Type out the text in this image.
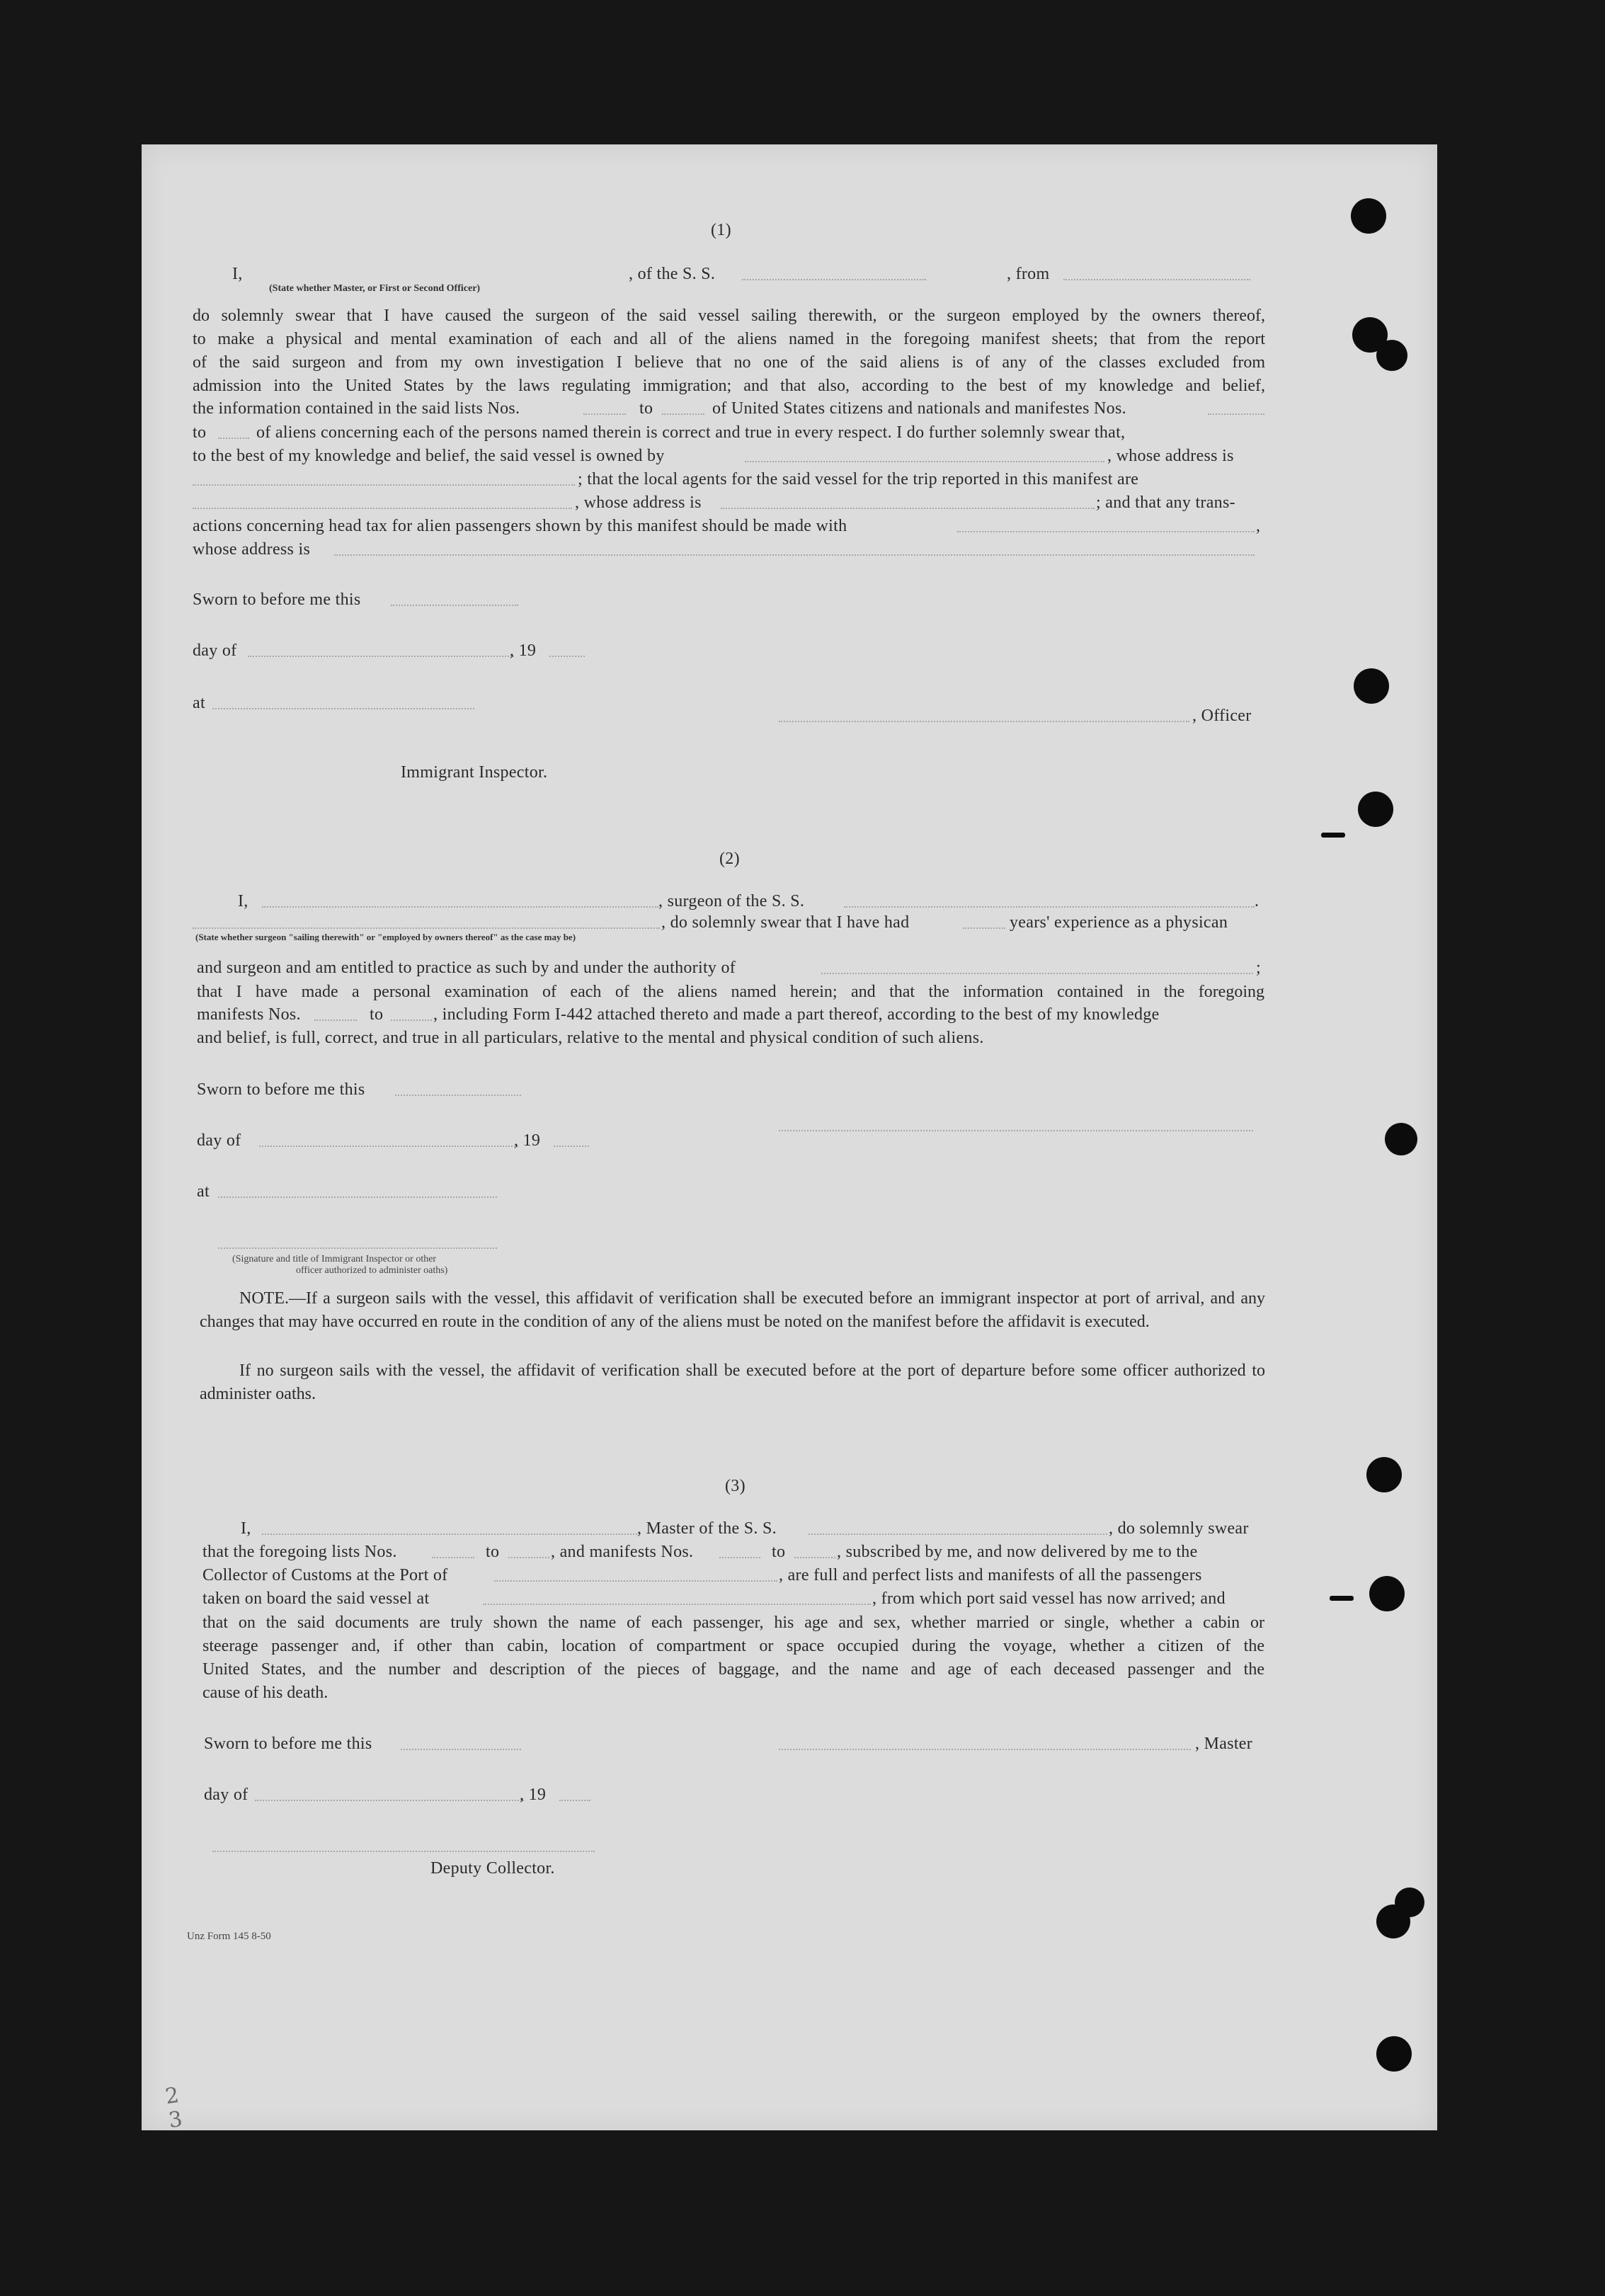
(1)
I,
(State whether Master, or First or Second Officer)
, of the S. S.	, from
do solemnly swear that I have caused the surgeon of the said vessel sailing therewith, or the surgeon employed by the owners thereof,
to make a physical and mental examination of each and all of the aliens named in the foregoing manifest sheets; that from the report
of the said surgeon and from my own investigation I believe that no one of the said aliens is of any of the classes excluded from
admission into the United States by the laws regulating immigration; and that also, according to the best of my knowledge and belief,
the information contained in the said lists Nos.	to	of United States citizens and nationals and manifestes Nos.
to	of aliens concerning each of the persons named therein is correct and true in every respect. I do further solemnly swear that,
to the best of my knowledge and belief, the said vessel is owned by	, whose address is
; that the local agents for the said vessel for the trip reported in this manifest are
, whose address is	; and that any trans-
actions concerning head tax for alien passengers shown by this manifest should be made with	,
whose address is
Sworn to before me this
day of	, 19
at
, Officer
Immigrant Inspector.
(2)
I,	, surgeon of the S. S.	.
, do solemnly swear that I have had	years' experience as a physican
(State whether surgeon "sailing therewith" or "employed by owners thereof" as the case may be)
and surgeon and am entitled to practice as such by and under the authority of	;
that I have made a personal examination of each of the aliens named herein; and that the information contained in the foregoing
manifests Nos.	to	, including Form I-442 attached thereto and made a part thereof, according to the best of my knowledge
and belief, is full, correct, and true in all particulars, relative to the mental and physical condition of such aliens.
Sworn to before me this
day of	, 19
at
(Signature and title of Immigrant Inspector or other
officer authorized to administer oaths)
NOTE.—If a surgeon sails with the vessel, this affidavit of verification shall be executed before an immigrant inspector at port of arrival, and any changes that may have occurred en route in the condition of any of the aliens must be noted on the manifest before the affidavit is executed.
If no surgeon sails with the vessel, the affidavit of verification shall be executed before at the port of departure before some officer authorized to administer oaths.
(3)
I,	, Master of the S. S.	, do solemnly swear
that the foregoing lists Nos.	to	, and manifests Nos.	to	, subscribed by me, and now delivered by me to the
Collector of Customs at the Port of	, are full and perfect lists and manifests of all the passengers
taken on board the said vessel at	, from which port said vessel has now arrived; and
that on the said documents are truly shown the name of each passenger, his age and sex, whether married or single, whether a cabin or
steerage passenger and, if other than cabin, location of compartment or space occupied during the voyage, whether a citizen of the
United States, and the number and description of the pieces of baggage, and the name and age of each deceased passenger and the
cause of his death.
Sworn to before me this	, Master
day of	, 19
Deputy Collector.
Unz Form 145 8-50
2
3
